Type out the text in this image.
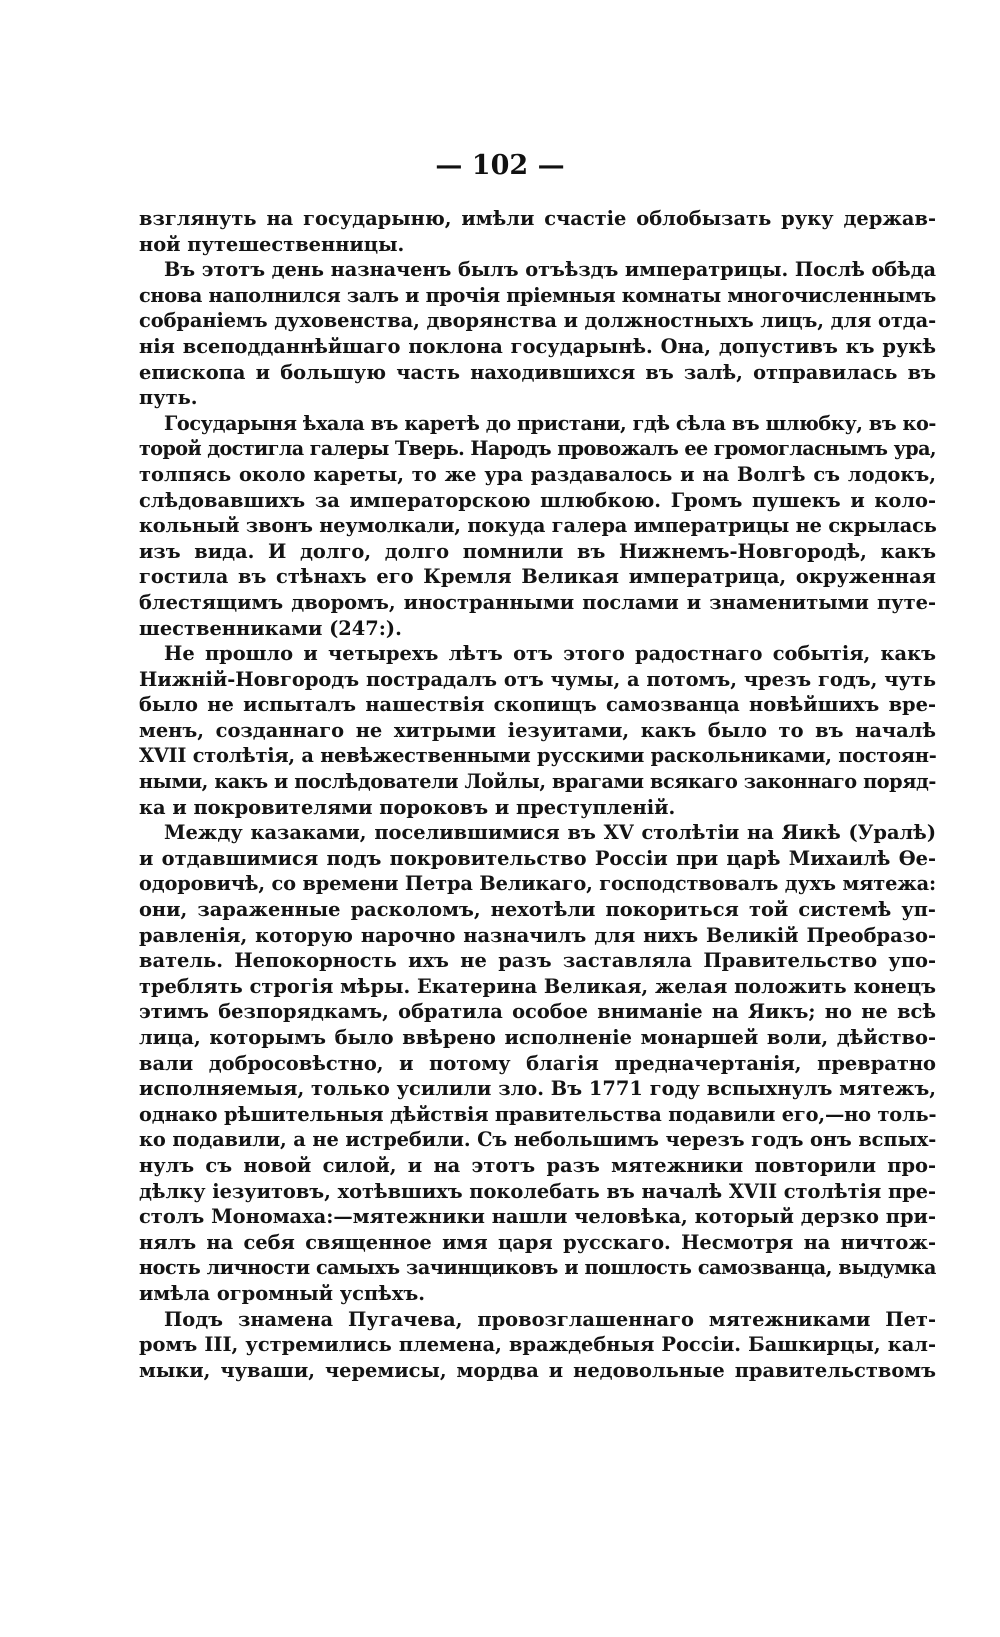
— 102 —
взглянуть на государыню, имѣли счастіе облобызать руку держав-
ной путешественницы.
Въ этотъ день назначенъ былъ отъѣздъ императрицы. Послѣ обѣда
снова наполнился залъ и прочія пріемныя комнаты многочисленнымъ
собраніемъ духовенства, дворянства и должностныхъ лицъ, для отда-
нія всеподданнѣйшаго поклона государынѣ. Она, допустивъ къ рукѣ
епископа и большую часть находившихся въ залѣ, отправилась въ
путь.
Государыня ѣхала въ каретѣ до пристани, гдѣ сѣла въ шлюбку, въ ко-
торой достигла галеры Тверь. Народъ провожалъ ее громогласнымъ ура,
толпясь около кареты, то же ура раздавалось и на Волгѣ съ лодокъ,
слѣдовавшихъ за императорскою шлюбкою. Громъ пушекъ и коло-
кольный звонъ неумолкали, покуда галера императрицы не скрылась
изъ вида. И долго, долго помнили въ Нижнемъ-Новгородѣ, какъ
гостила въ стѣнахъ его Кремля Великая императрица, окруженная
блестящимъ дворомъ, иностранными послами и знаменитыми путе-
шественниками (247:).
Не прошло и четырехъ лѣтъ отъ этого радостнаго событія, какъ
Нижній-Новгородъ пострадалъ отъ чумы, а потомъ, чрезъ годъ, чуть
было не испыталъ нашествія скопищъ самозванца новѣйшихъ вре-
менъ, созданнаго не хитрыми іезуитами, какъ было то въ началѣ
XVII столѣтія, а невѣжественными русскими раскольниками, постоян-
ными, какъ и послѣдователи Лойлы, врагами всякаго законнаго поряд-
ка и покровителями пороковъ и преступленій.
Между казаками, поселившимися въ XV столѣтіи на Яикѣ (Уралѣ)
и отдавшимися подъ покровительство Россіи при царѣ Михаилѣ Ѳе-
одоровичѣ, со времени Петра Великаго, господствовалъ духъ мятежа:
они, зараженные расколомъ, нехотѣли покориться той системѣ уп-
равленія, которую нарочно назначилъ для нихъ Великій Преобразо-
ватель. Непокорность ихъ не разъ заставляла Правительство упо-
треблять строгія мѣры. Екатерина Великая, желая положить конецъ
этимъ безпорядкамъ, обратила особое вниманіе на Яикъ; но не всѣ
лица, которымъ было ввѣрено исполненіе монаршей воли, дѣйство-
вали добросовѣстно, и потому благія предначертанія, превратно
исполняемыя, только усилили зло. Въ 1771 году вспыхнулъ мятежъ,
однако рѣшительныя дѣйствія правительства подавили его,—но толь-
ко подавили, а не истребили. Съ небольшимъ черезъ годъ онъ вспых-
нулъ съ новой силой, и на этотъ разъ мятежники повторили про-
дѣлку іезуитовъ, хотѣвшихъ поколебать въ началѣ XVII столѣтія пре-
столъ Мономаха:—мятежники нашли человѣка, который дерзко при-
нялъ на себя священное имя царя русскаго. Несмотря на ничтож-
ность личности самыхъ зачинщиковъ и пошлость самозванца, выдумка
имѣла огромный успѣхъ.
Подъ знамена Пугачева, провозглашеннаго мятежниками Пет-
ромъ III, устремились племена, враждебныя Россіи. Башкирцы, кал-
мыки, чуваши, черемисы, мордва и недовольные правительствомъ
